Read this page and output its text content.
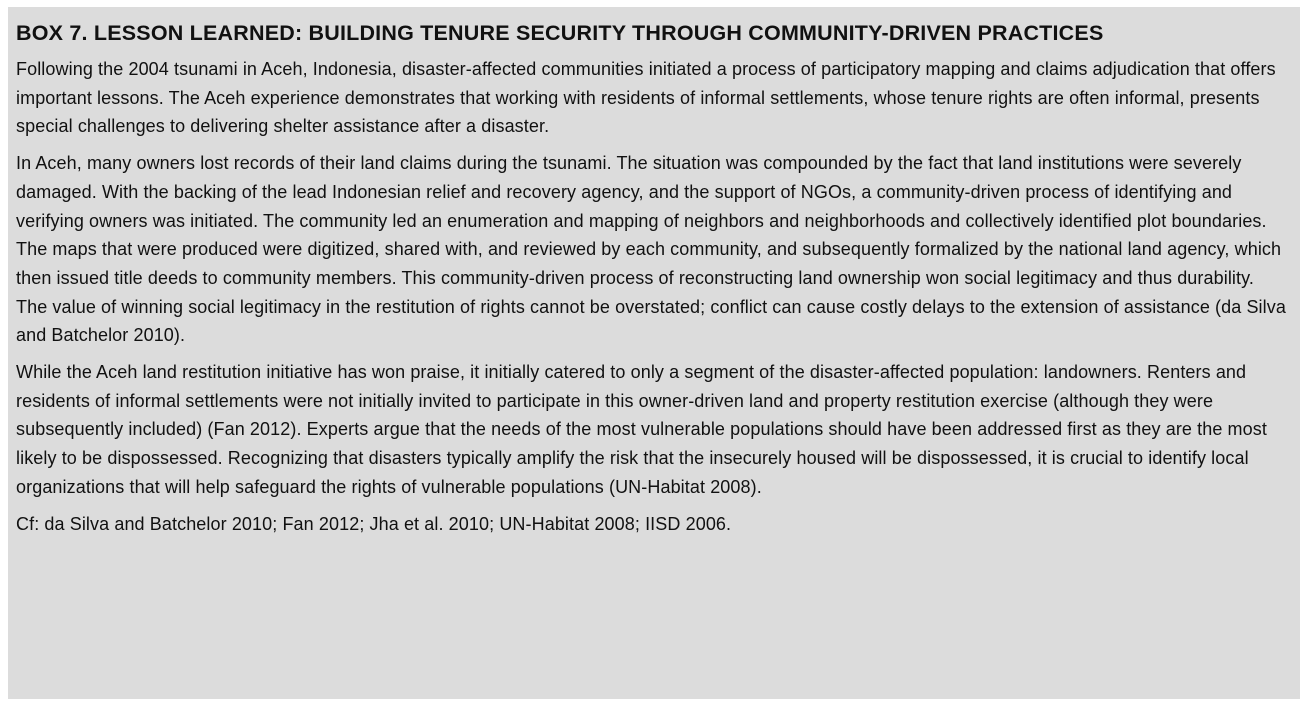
BOX 7. LESSON LEARNED: BUILDING TENURE SECURITY THROUGH COMMUNITY-DRIVEN PRACTICES

Following the 2004 tsunami in Aceh, Indonesia, disaster-affected communities initiated a process of participatory mapping and claims adjudication that offers important lessons. The Aceh experience demonstrates that working with residents of informal settlements, whose tenure rights are often informal, presents special challenges to delivering shelter assistance after a disaster.

In Aceh, many owners lost records of their land claims during the tsunami. The situation was compounded by the fact that land institutions were severely damaged. With the backing of the lead Indonesian relief and recovery agency, and the support of NGOs, a community-driven process of identifying and verifying owners was initiated. The community led an enumeration and mapping of neighbors and neighborhoods and collectively identified plot boundaries. The maps that were produced were digitized, shared with, and reviewed by each community, and subsequently formalized by the national land agency, which then issued title deeds to community members. This community-driven process of reconstructing land ownership won social legitimacy and thus durability. The value of winning social legitimacy in the restitution of rights cannot be overstated; conflict can cause costly delays to the extension of assistance (da Silva and Batchelor 2010).

While the Aceh land restitution initiative has won praise, it initially catered to only a segment of the disaster-affected population: landowners. Renters and residents of informal settlements were not initially invited to participate in this owner-driven land and property restitution exercise (although they were subsequently included) (Fan 2012). Experts argue that the needs of the most vulnerable populations should have been addressed first as they are the most likely to be dispossessed. Recognizing that disasters typically amplify the risk that the insecurely housed will be dispossessed, it is crucial to identify local organizations that will help safeguard the rights of vulnerable populations (UN-Habitat 2008).

Cf: da Silva and Batchelor 2010; Fan 2012; Jha et al. 2010; UN-Habitat 2008; IISD 2006.
